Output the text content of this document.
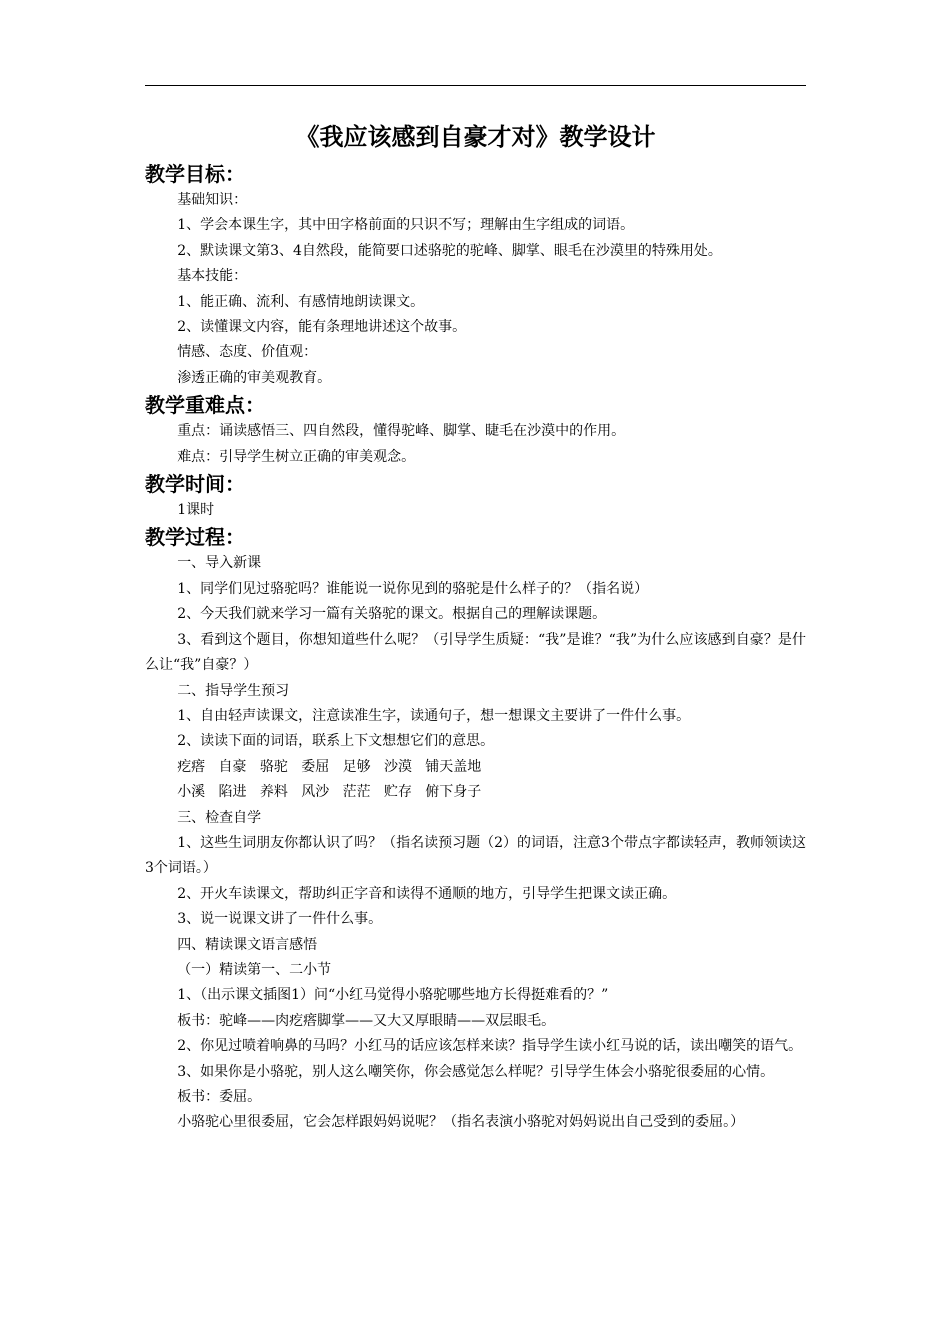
《我应该感到自豪才对》教学设计
教学目标：

基础知识：

1、学会本课生字，其中田字格前面的只识不写；理解由生字组成的词语。

2、默读课文第3、4自然段，能简要口述骆驼的驼峰、脚掌、眼毛在沙漠里的特殊用处。

基本技能：

1、能正确、流利、有感情地朗读课文。

2、读懂课文内容，能有条理地讲述这个故事。

情感、态度、价值观：

渗透正确的审美观教育。

教学重难点：

重点：诵读感悟三、四自然段，懂得驼峰、脚掌、睫毛在沙漠中的作用。

难点：引导学生树立正确的审美观念。

教学时间：

1课时

教学过程：

一、导入新课

1、同学们见过骆驼吗？谁能说一说你见到的骆驼是什么样子的？（指名说）

2、今天我们就来学习一篇有关骆驼的课文。根据自己的理解读课题。

3、看到这个题目，你想知道些什么呢？（引导学生质疑：“我”是谁？“我”为什么应该感到自豪？是什么让“我”自豪？）

二、指导学生预习

1、自由轻声读课文，注意读准生字，读通句子，想一想课文主要讲了一件什么事。

2、读读下面的词语，联系上下文想想它们的意思。

疙瘩   自豪   骆驼   委屈   足够   沙漠   铺天盖地

小溪   陷进   养料   风沙   茫茫   贮存   俯下身子

三、检查自学

1、这些生词朋友你都认识了吗？（指名读预习题（2）的词语，注意3个带点字都读轻声，教师领读这3个词语。）

2、开火车读课文，帮助纠正字音和读得不通顺的地方，引导学生把课文读正确。

3、说一说课文讲了一件什么事。

四、精读课文语言感悟

（一）精读第一、二小节

1、（出示课文插图1）问“小红马觉得小骆驼哪些地方长得挺难看的？”

板书：驼峰——肉疙瘩脚掌——又大又厚眼睛——双层眼毛。

2、你见过喷着响鼻的马吗？小红马的话应该怎样来读？指导学生读小红马说的话，读出嘲笑的语气。

3、如果你是小骆驼，别人这么嘲笑你，你会感觉怎么样呢？引导学生体会小骆驼很委屈的心情。

板书：委屈。

小骆驼心里很委屈，它会怎样跟妈妈说呢？（指名表演小骆驼对妈妈说出自己受到的委屈。）
